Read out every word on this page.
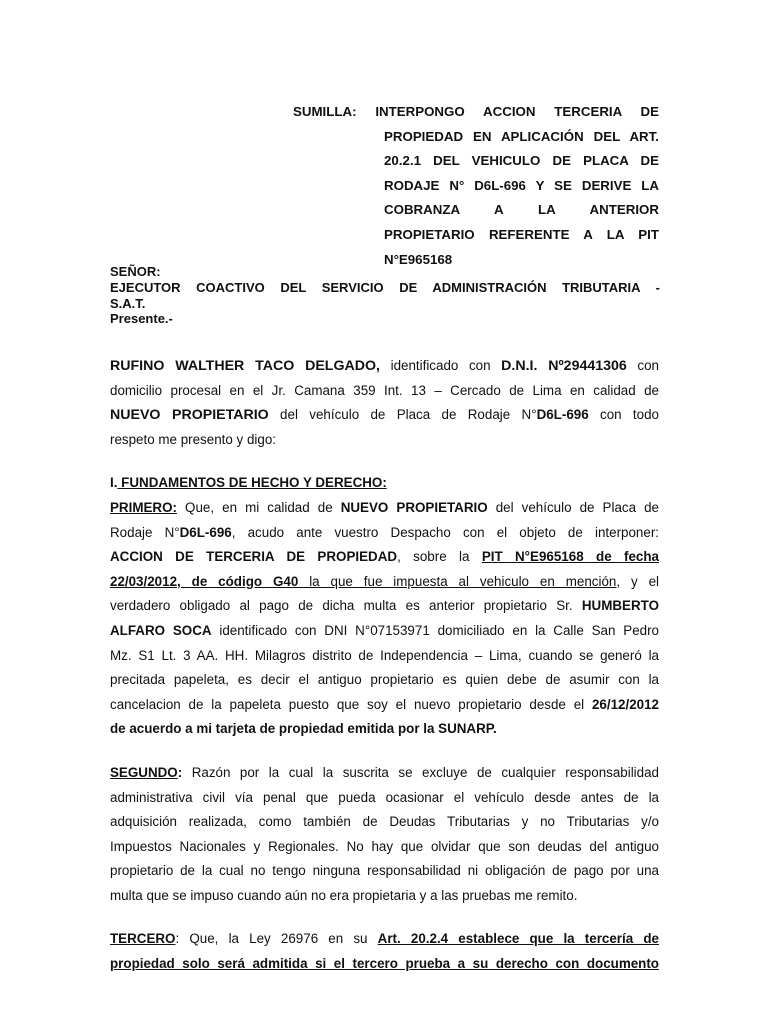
SUMILLA: INTERPONGO ACCION TERCERIA DE
PROPIEDAD EN APLICACIÓN DEL ART.
20.2.1 DEL VEHICULO DE PLACA DE
RODAJE N° D6L-696 Y SE DERIVE LA
COBRANZA A LA ANTERIOR
PROPIETARIO REFERENTE A LA PIT
N°E965168
SEÑOR:
EJECUTOR COACTIVO DEL SERVICIO DE ADMINISTRACIÓN TRIBUTARIA -
S.A.T.
Presente.-
RUFINO WALTHER TACO DELGADO, identificado con D.N.I. Nº29441306 con
domicilio procesal en el Jr. Camana 359 Int. 13 – Cercado de Lima en calidad de
NUEVO PROPIETARIO del vehículo de Placa de Rodaje N°D6L-696 con todo
respeto me presento y digo:
I. FUNDAMENTOS DE HECHO Y DERECHO:
PRIMERO: Que, en mi calidad de NUEVO PROPIETARIO del vehículo de Placa de
Rodaje N°D6L-696, acudo ante vuestro Despacho con el objeto de interponer:
ACCION DE TERCERIA DE PROPIEDAD, sobre la PIT N°E965168 de fecha
22/03/2012, de código G40 la que fue impuesta al vehiculo en mención, y el
verdadero obligado al pago de dicha multa es anterior propietario Sr. HUMBERTO
ALFARO SOCA identificado con DNI N°07153971 domiciliado en la Calle San Pedro
Mz. S1 Lt. 3 AA. HH. Milagros distrito de Independencia – Lima, cuando se generó la
precitada papeleta, es decir el antiguo propietario es quien debe de asumir con la
cancelacion de la papeleta puesto que soy el nuevo propietario desde el 26/12/2012
de acuerdo a mi tarjeta de propiedad emitida por la SUNARP.
SEGUNDO: Razón por la cual la suscrita se excluye de cualquier responsabilidad
administrativa civil vía penal que pueda ocasionar el vehículo desde antes de la
adquisición realizada, como también de Deudas Tributarias y no Tributarias y/o
Impuestos Nacionales y Regionales. No hay que olvidar que son deudas del antiguo
propietario de la cual no tengo ninguna responsabilidad ni obligación de pago por una
multa que se impuso cuando aún no era propietaria y a las pruebas me remito.
TERCERO: Que, la Ley 26976 en su Art. 20.2.4 establece que la tercería de
propiedad solo será admitida si el tercero prueba a su derecho con documento
